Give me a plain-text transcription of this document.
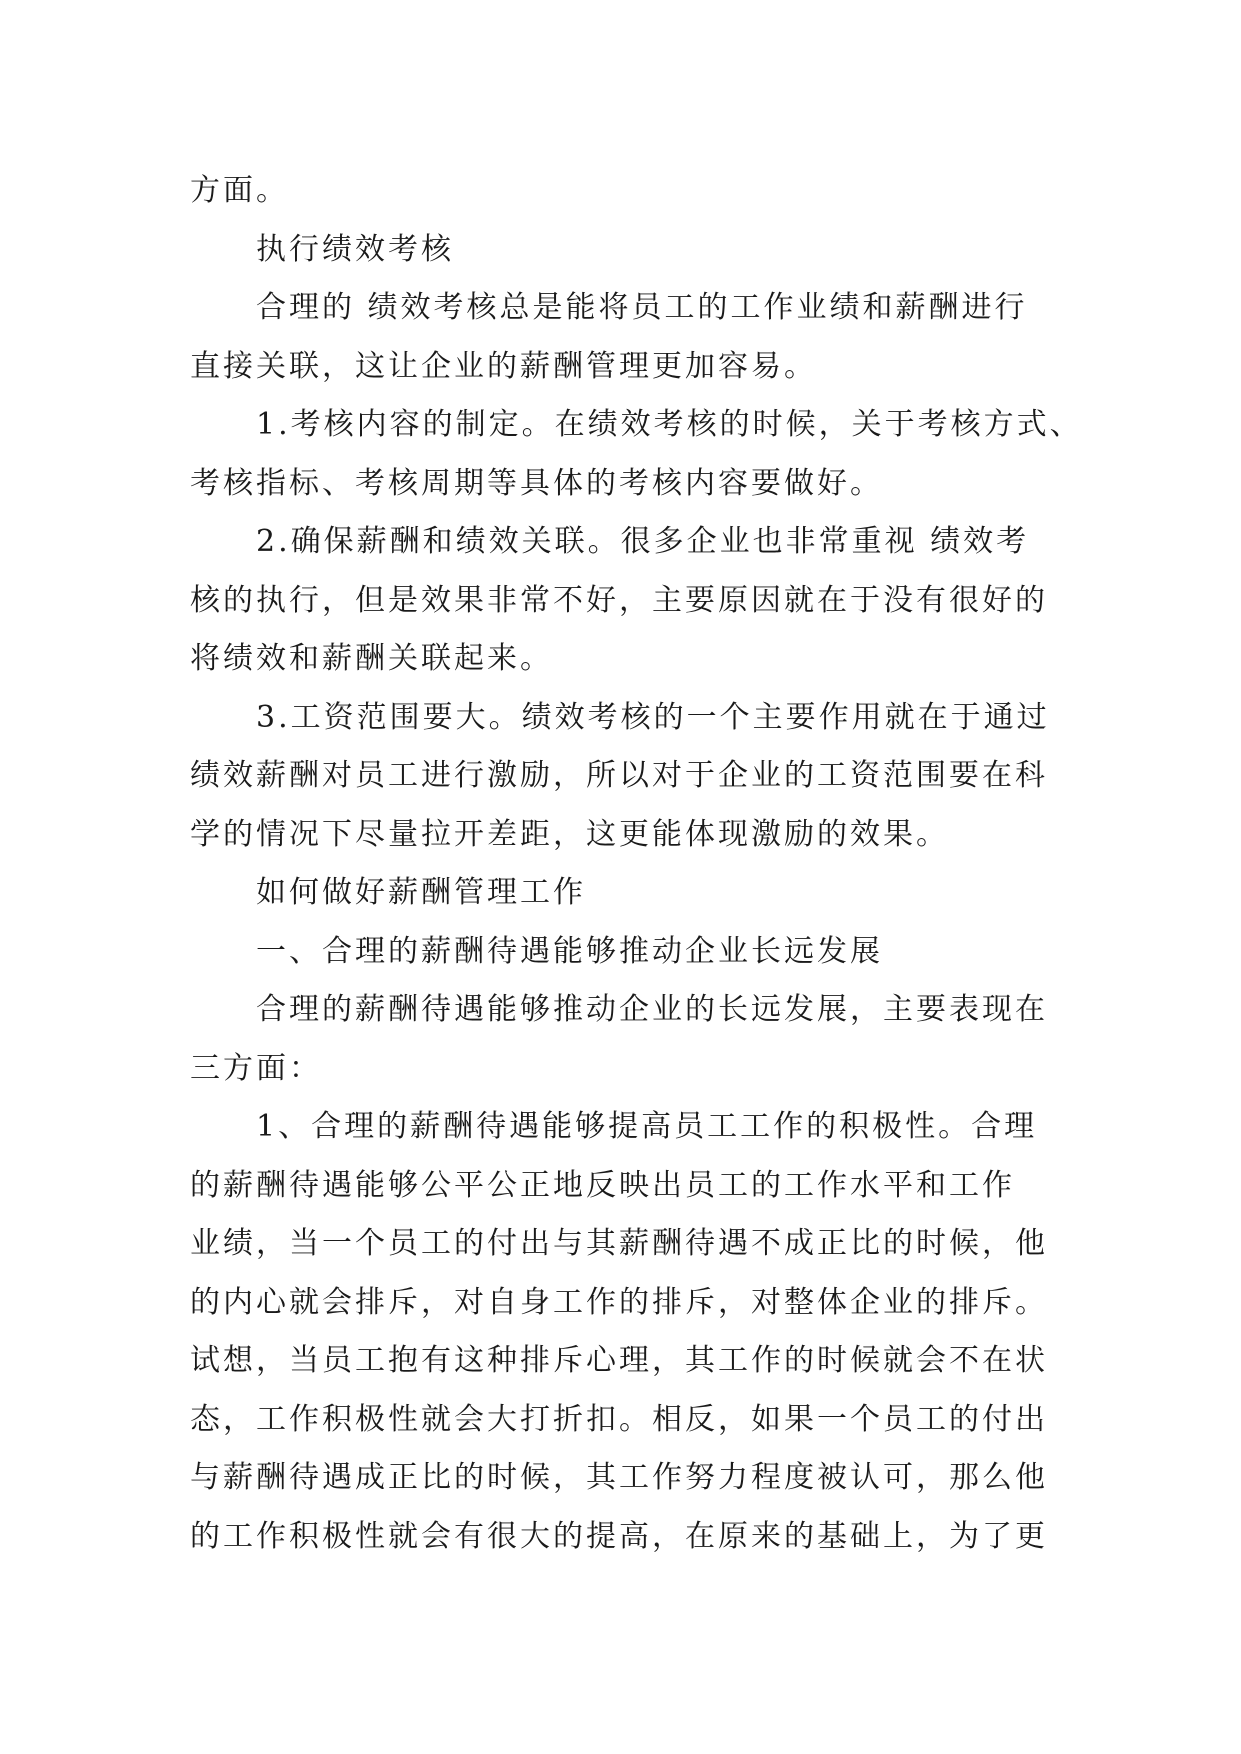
方面。
执行绩效考核
合理的 绩效考核总是能将员工的工作业绩和薪酬进行
直接关联，这让企业的薪酬管理更加容易。
1.考核内容的制定。在绩效考核的时候，关于考核方式、
考核指标、考核周期等具体的考核内容要做好。
2.确保薪酬和绩效关联。很多企业也非常重视 绩效考
核的执行，但是效果非常不好，主要原因就在于没有很好的
将绩效和薪酬关联起来。
3.工资范围要大。绩效考核的一个主要作用就在于通过
绩效薪酬对员工进行激励，所以对于企业的工资范围要在科
学的情况下尽量拉开差距，这更能体现激励的效果。
如何做好薪酬管理工作
一、合理的薪酬待遇能够推动企业长远发展
合理的薪酬待遇能够推动企业的长远发展，主要表现在
三方面：
1、合理的薪酬待遇能够提高员工工作的积极性。合理
的薪酬待遇能够公平公正地反映出员工的工作水平和工作
业绩，当一个员工的付出与其薪酬待遇不成正比的时候，他
的内心就会排斥，对自身工作的排斥，对整体企业的排斥。
试想，当员工抱有这种排斥心理，其工作的时候就会不在状
态，工作积极性就会大打折扣。相反，如果一个员工的付出
与薪酬待遇成正比的时候，其工作努力程度被认可，那么他
的工作积极性就会有很大的提高，在原来的基础上，为了更
